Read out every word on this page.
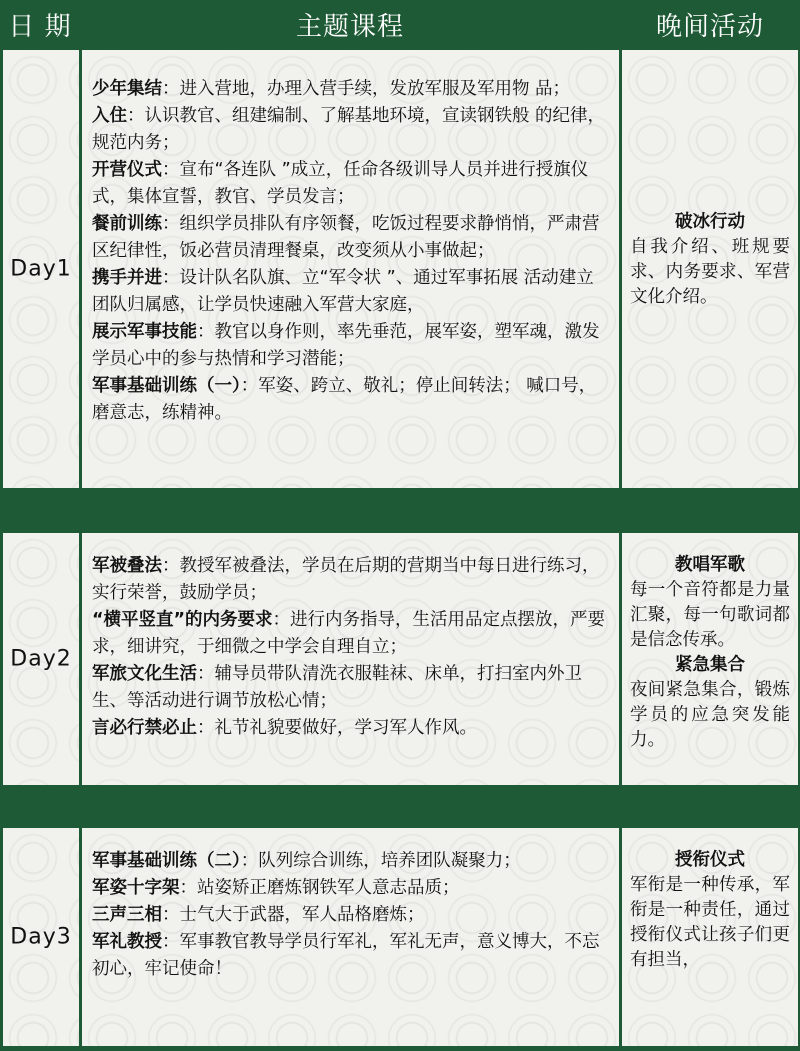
日 期	主题课程	晚间活动
Day1

少年集结：进入营地，办理入营手续，发放军服及军用物 品；

入住：认识教官、组建编制、了解基地环境，宣读钢铁般 的纪律，规范内务；

开营仪式：宣布“各连队 ”成立，任命各级训导人员并进行授旗仪式，集体宣誓，教官、学员发言；

餐前训练：组织学员排队有序领餐，吃饭过程要求静悄悄，严肃营区纪律性，饭必营员清理餐桌，改变须从小事做起；

携手并进：设计队名队旗、立“军令状 ”、通过军事拓展 活动建立团队归属感，让学员快速融入军营大家庭，

展示军事技能：教官以身作则，率先垂范，展军姿，塑军魂，激发学员心中的参与热情和学习潜能；

军事基础训练（一）：军姿、跨立、敬礼；停止间转法； 喊口号，磨意志，练精神。

破冰行动
自我介绍、班规要求、内务要求、军营文化介绍。
Day2

军被叠法：教授军被叠法，学员在后期的营期当中每日进行练习，实行荣誉，鼓励学员；

“横平竖直”的内务要求：进行内务指导，生活用品定点摆放，严要求，细讲究，于细微之中学会自理自立；

军旅文化生活：辅导员带队清洗衣服鞋袜、床单，打扫室内外卫生、等活动进行调节放松心情；

言必行禁必止：礼节礼貌要做好，学习军人作风。

教唱军歌
每一个音符都是力量汇聚，每一句歌词都是信念传承。
紧急集合
夜间紧急集合，锻炼学员的应急突发能力。
Day3

军事基础训练（二）：队列综合训练，培养团队凝聚力；

军姿十字架：站姿矫正磨炼钢铁军人意志品质；

三声三相：士气大于武器，军人品格磨炼；

军礼教授：军事教官教导学员行军礼，军礼无声，意义博大，不忘初心，牢记使命！

授衔仪式
军衔是一种传承，军衔是一种责任，通过授衔仪式让孩子们更有担当，
